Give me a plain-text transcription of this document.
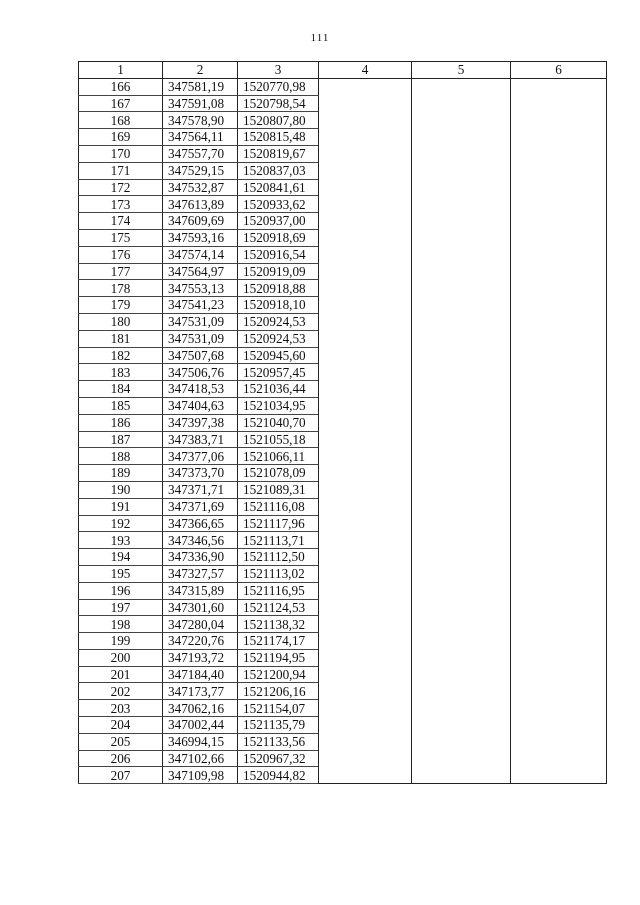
111
1	2	3	4	5	6
166	347581,19	1520770,98			
167	347591,08	1520798,54			
168	347578,90	1520807,80			
169	347564,11	1520815,48			
170	347557,70	1520819,67			
171	347529,15	1520837,03			
172	347532,87	1520841,61			
173	347613,89	1520933,62			
174	347609,69	1520937,00			
175	347593,16	1520918,69			
176	347574,14	1520916,54			
177	347564,97	1520919,09			
178	347553,13	1520918,88			
179	347541,23	1520918,10			
180	347531,09	1520924,53			
181	347531,09	1520924,53			
182	347507,68	1520945,60			
183	347506,76	1520957,45			
184	347418,53	1521036,44			
185	347404,63	1521034,95			
186	347397,38	1521040,70			
187	347383,71	1521055,18			
188	347377,06	1521066,11			
189	347373,70	1521078,09			
190	347371,71	1521089,31			
191	347371,69	1521116,08			
192	347366,65	1521117,96			
193	347346,56	1521113,71			
194	347336,90	1521112,50			
195	347327,57	1521113,02			
196	347315,89	1521116,95			
197	347301,60	1521124,53			
198	347280,04	1521138,32			
199	347220,76	1521174,17			
200	347193,72	1521194,95			
201	347184,40	1521200,94			
202	347173,77	1521206,16			
203	347062,16	1521154,07			
204	347002,44	1521135,79			
205	346994,15	1521133,56			
206	347102,66	1520967,32			
207	347109,98	1520944,82			
